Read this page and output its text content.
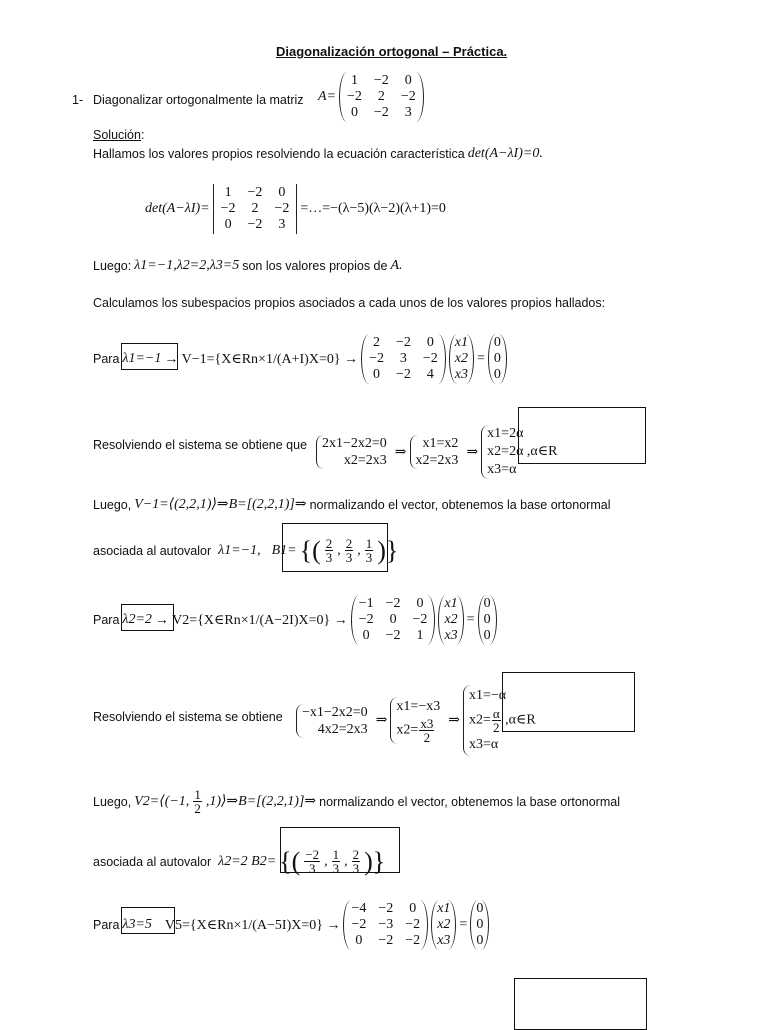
Diagonalización ortogonal – Práctica.
1- Diagonalizar ortogonalmente la matriz A=
1 −2 0
−2 2 −2
0 −2 3
Solución:
Hallamos los valores propios resolviendo la ecuación característica det(A−λI)=0.
det(A−λI)=
1 −2 0
−2 2 −2
0 −2 3
=…=−(λ−5)(λ−2)(λ+1)=0
Luego: λ1=−1,λ2=2,λ3=5 son los valores propios de A.
Calculamos los subespacios propios asociados a cada unos de los valores propios hallados:
Para λ1=−1 → V−1={X∈Rn×1/(A+I)X=0} →
2 −2 0
−2 3 −2
0 −2 4
x1
x2
x3
=
0
0
0
Resolviendo el sistema se obtiene que 2x1−2x2=0
x2=2x3
⇒
x1=x2
x2=2x3
⇒
x1=2α
x2=2α ,α∈R
x3=α
Luego, V−1=⟨(2,2,1)⟩⇒B=[(2,2,1)]⇒ normalizando el vector, obtenemos la base ortonormal
asociada al autovalor λ1=−1, B1= {( $\frac{2}{3}$ , $\frac{2}{3}$ , $\frac{1}{3}$ )}
Para λ2=2 → V2={X∈Rn×1/(A−2I)X=0} →
−1 −2 0
−2 0 −2
0 −2 1
x1
x2
x3
=
0
0
0
Resolviendo el sistema se obtiene −x1−2x2=0
4x2=2x3
⇒
x1=−x3
$x2= \frac{x3}{2}$ ⇒
x1=−α
$x2= \frac{\alpha}{2}$ ,α∈R
x3=α
Luego, V2=⟨(−1, $\frac{1}{2}$ ,1)⟩⇒B=[(2,2,1)]⇒ normalizando el vector, obtenemos la base ortonormal
asociada al autovalor λ2=2 B2= {( $\frac{-2}{3}$ , $\frac{1}{3}$ , $\frac{2}{3}$ )}
Para λ3=5 V5={X∈Rn×1/(A−5I)X=0} →
−4 −2 0
−2 −3 −2
0 −2 −2
x1
x2
x3
=
0
0
0
